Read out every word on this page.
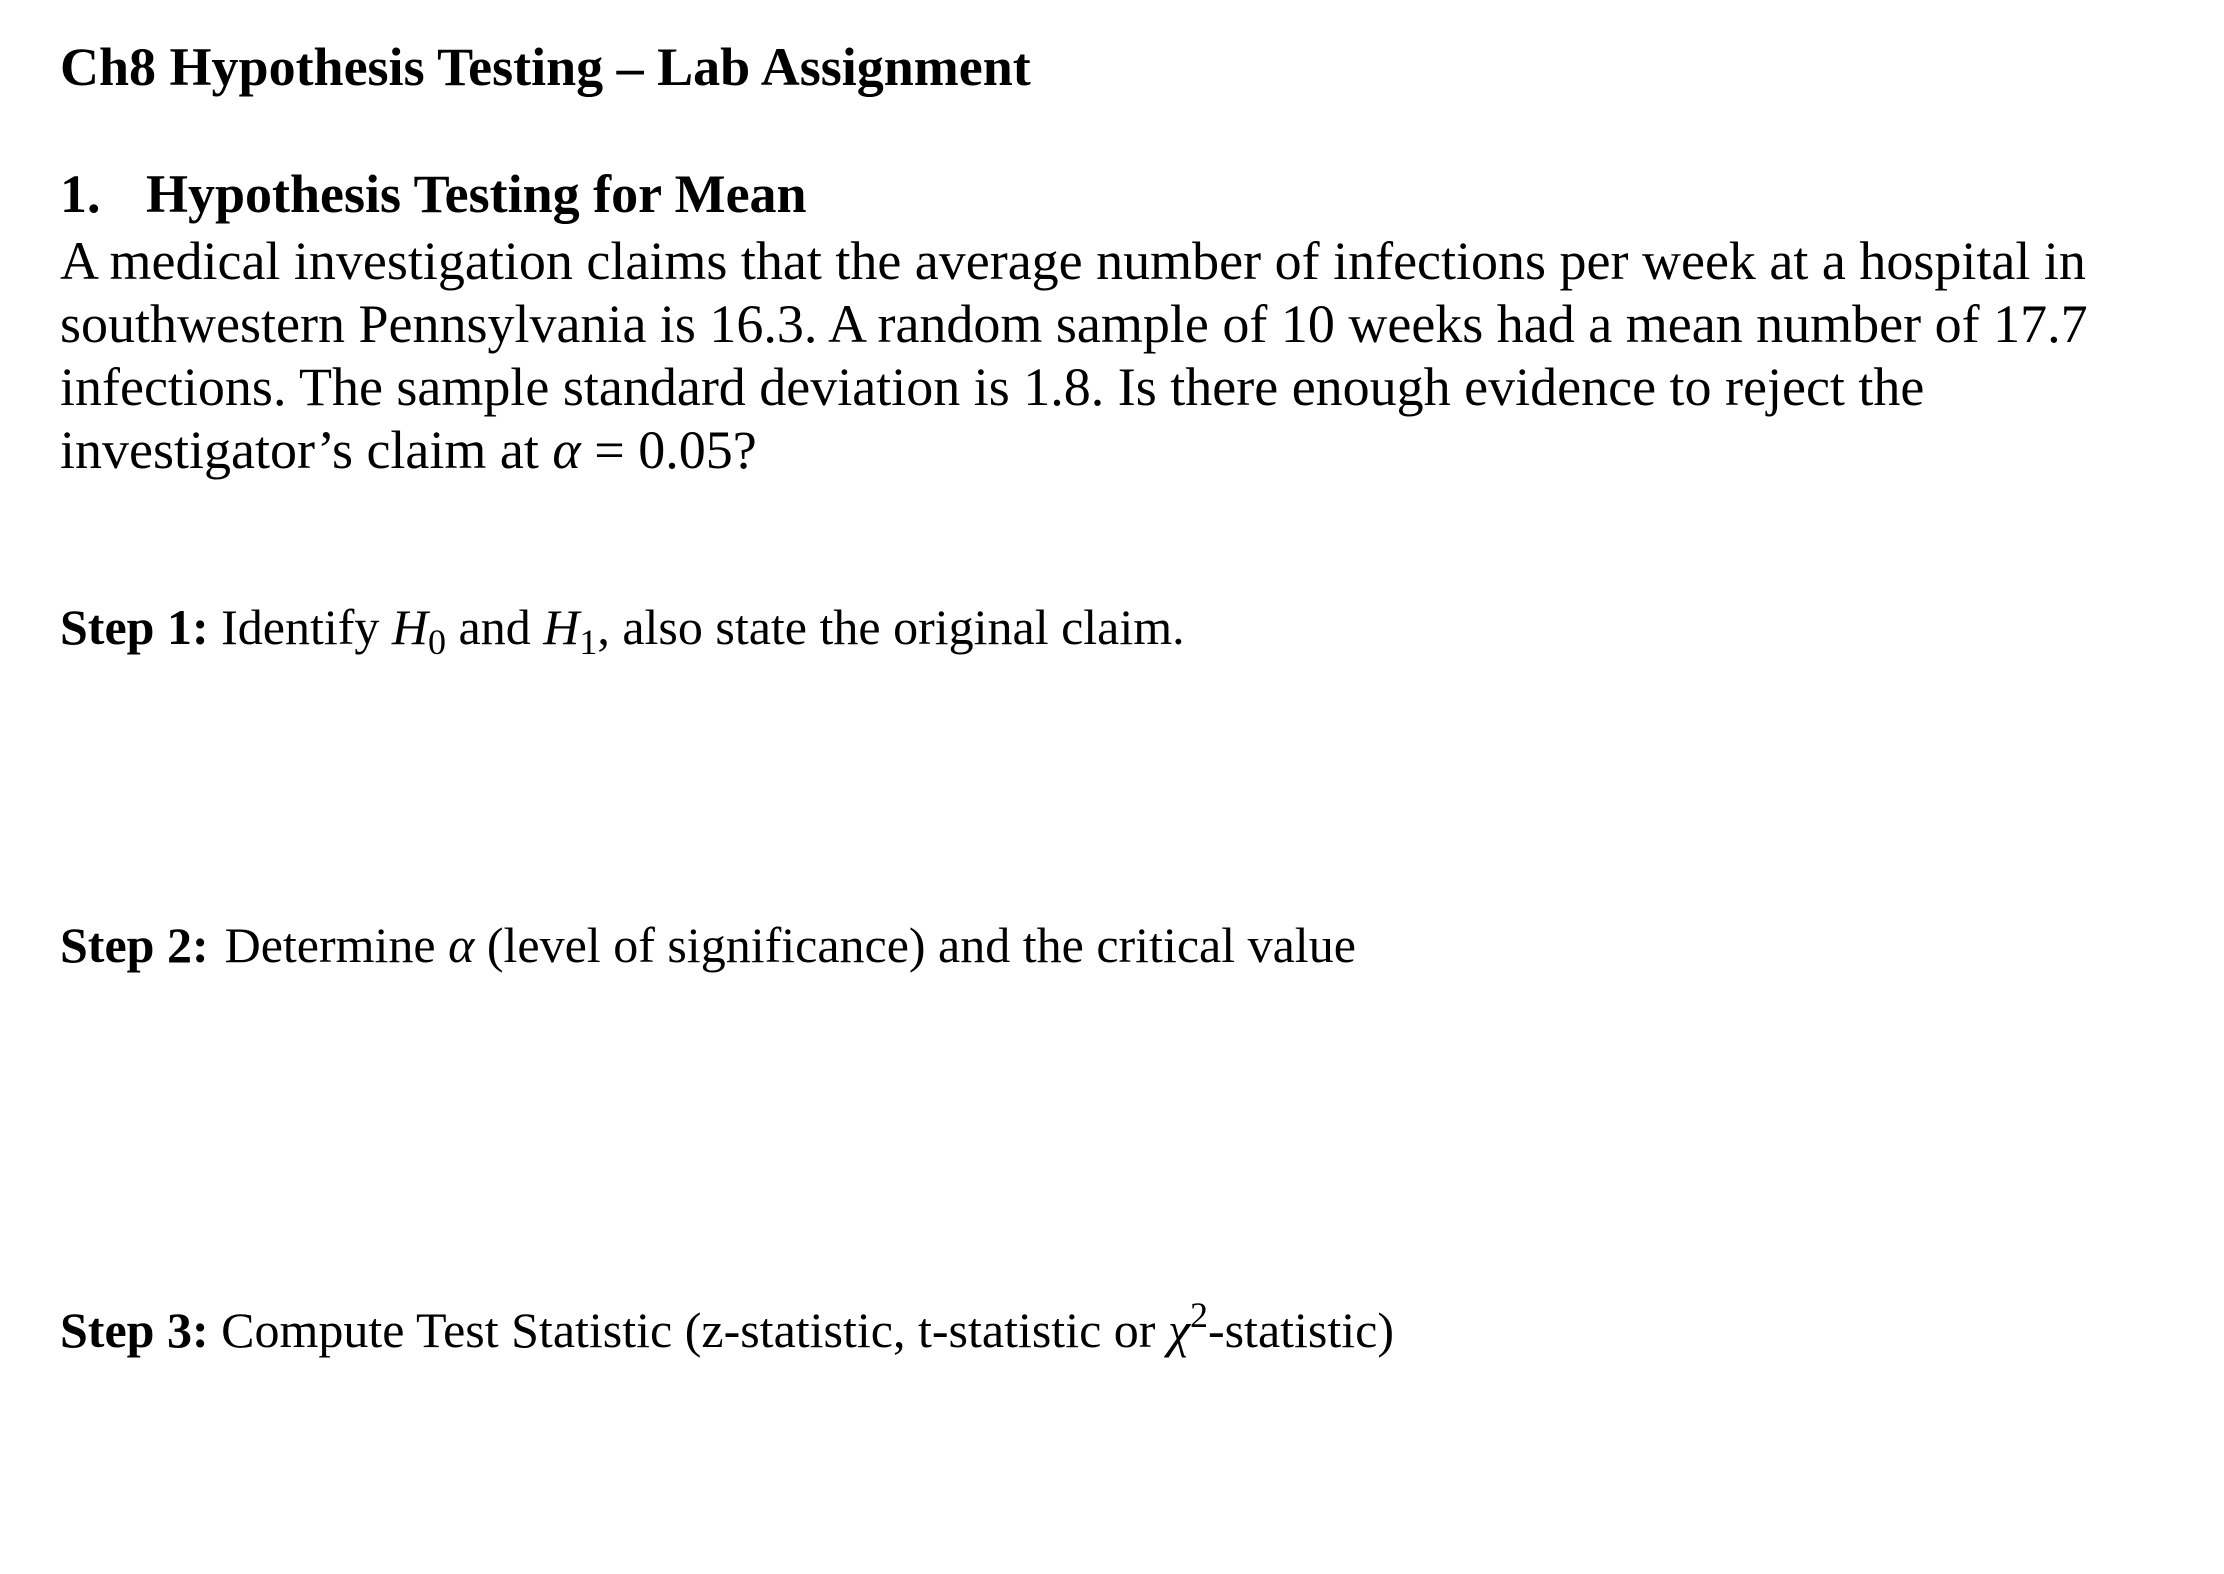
Ch8 Hypothesis Testing – Lab Assignment
1. Hypothesis Testing for Mean
A medical investigation claims that the average number of infections per week at a hospital in
southwestern Pennsylvania is 16.3. A random sample of 10 weeks had a mean number of 17.7
infections. The sample standard deviation is 1.8. Is there enough evidence to reject the
investigator’s claim at α = 0.05?
Step 1: Identify $H_0$ and $H_1$, also state the original claim.
Step 2: Determine α (level of significance) and the critical value
Step 3: Compute Test Statistic (z-statistic, t-statistic or $\chi^2-statistic$)
